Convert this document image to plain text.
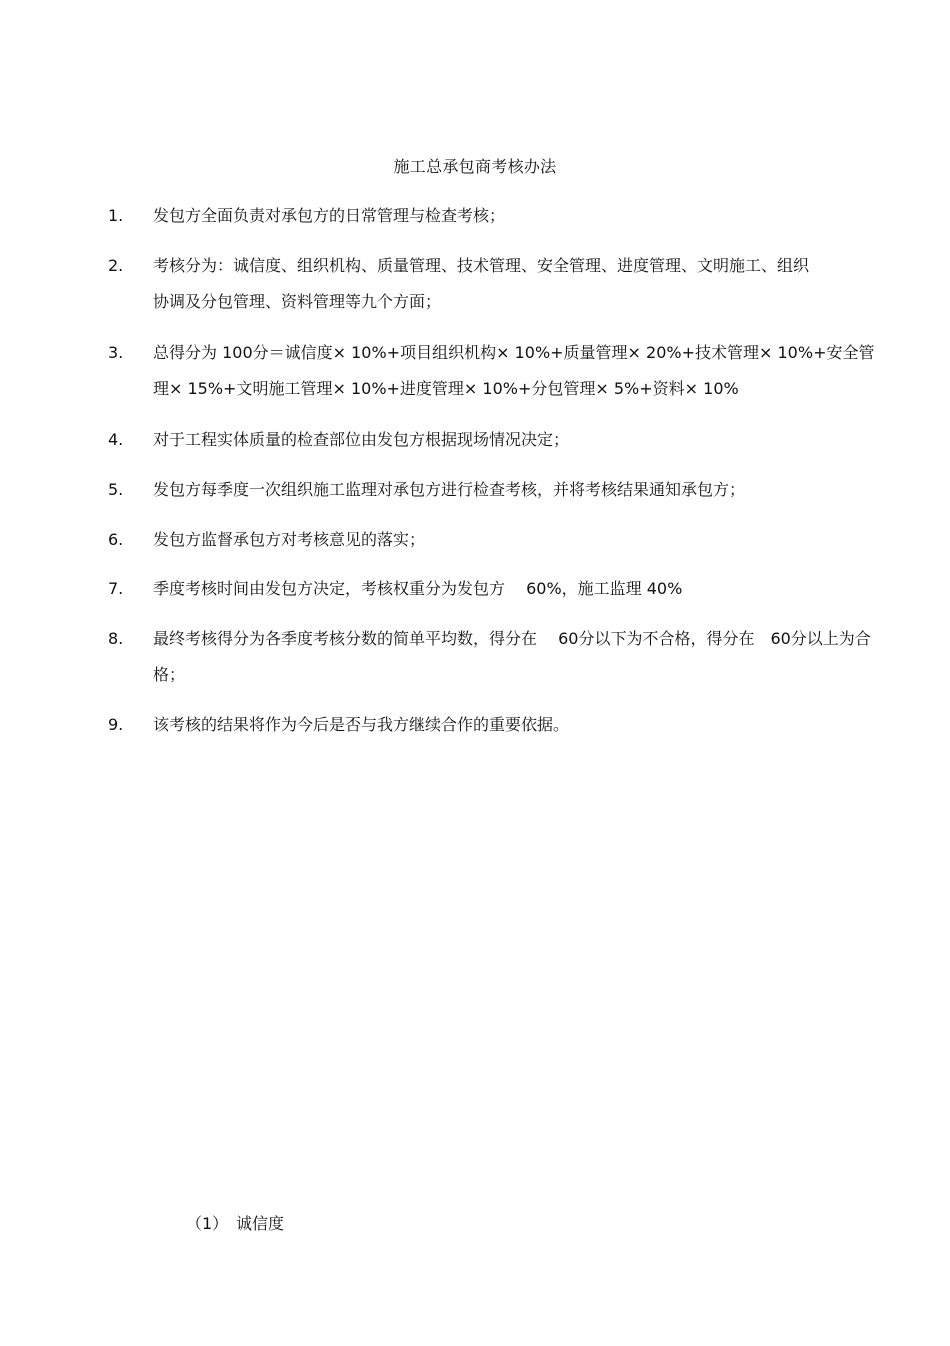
施工总承包商考核办法
1.	发包方全面负责对承包方的日常管理与检查考核；
2.	考核分为：诚信度、组织机构、质量管理、技术管理、安全管理、进度管理、文明施工、组织协调及分包管理、资料管理等九个方面；
3.	总得分为 100分＝诚信度× 10%+项目组织机构× 10%+质量管理× 20%+技术管理× 10%+安全管理× 15%+文明施工管理× 10%+进度管理× 10%+分包管理× 5%+资料× 10%
4.	对于工程实体质量的检查部位由发包方根据现场情况决定；
5.	发包方每季度一次组织施工监理对承包方进行检查考核，并将考核结果通知承包方；
6.	发包方监督承包方对考核意见的落实；
7.	季度考核时间由发包方决定，考核权重分为发包方　 60%，施工监理 40%
8.	最终考核得分为各季度考核分数的简单平均数，得分在　 60分以下为不合格，得分在　60分以上为合格；
9.	该考核的结果将作为今后是否与我方继续合作的重要依据。
（1） 诚信度
